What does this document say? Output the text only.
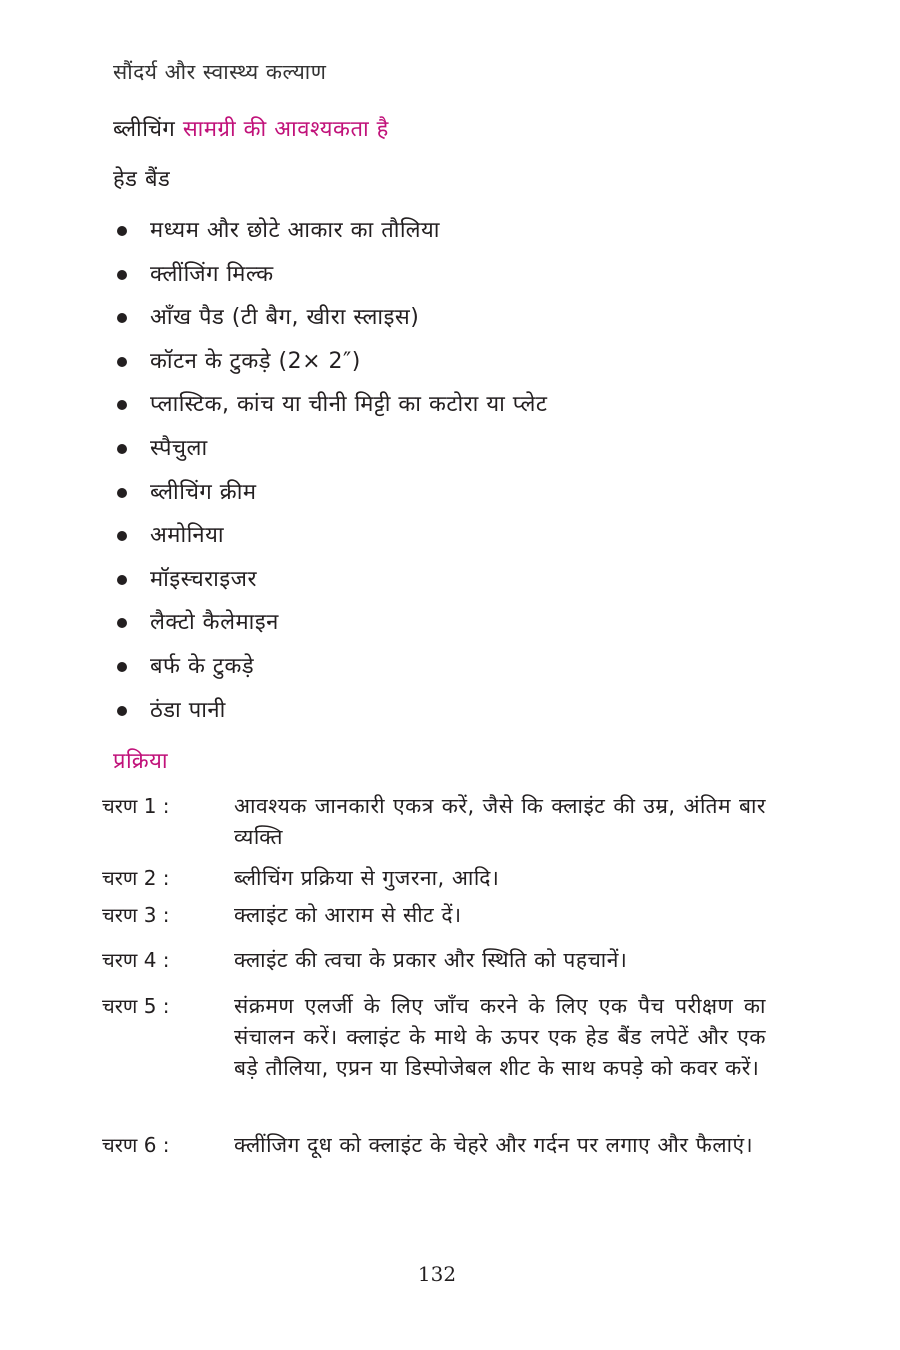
सौंदर्य और स्वास्थ्य कल्याण
ब्लीचिंग सामग्री की आवश्यकता है
हेड बैंड
मध्यम और छोटे आकार का तौलिया
क्लींजिंग मिल्क
आँख पैड (टी बैग, खीरा स्लाइस)
कॉटन के टुकड़े (2× 2″)
प्लास्टिक, कांच या चीनी मिट्टी का कटोरा या प्लेट
स्पैचुला
ब्लीचिंग क्रीम
अमोनिया
मॉइस्चराइजर
लैक्टो कैलेमाइन
बर्फ के टुकड़े
ठंडा पानी
प्रक्रिया
चरण 1 :	आवश्यक जानकारी एकत्र करें, जैसे कि क्लाइंट की उम्र, अंतिम बार व्यक्ति
चरण 2 :	ब्लीचिंग प्रक्रिया से गुजरना, आदि।
चरण 3 :	क्लाइंट को आराम से सीट दें।
चरण 4 :	क्लाइंट की त्वचा के प्रकार और स्थिति को पहचानें।
चरण 5 :	संक्रमण एलर्जी के लिए जाँच करने के लिए एक पैच परीक्षण का संचालन करें। क्लाइंट के माथे के ऊपर एक हेड बैंड लपेटें और एक बड़े तौलिया, एप्रन या डिस्पोजेबल शीट के साथ कपड़े को कवर करें।
चरण 6 :	क्लींजिग दूध को क्लाइंट के चेहरे और गर्दन पर लगाए और फैलाएं।
132
